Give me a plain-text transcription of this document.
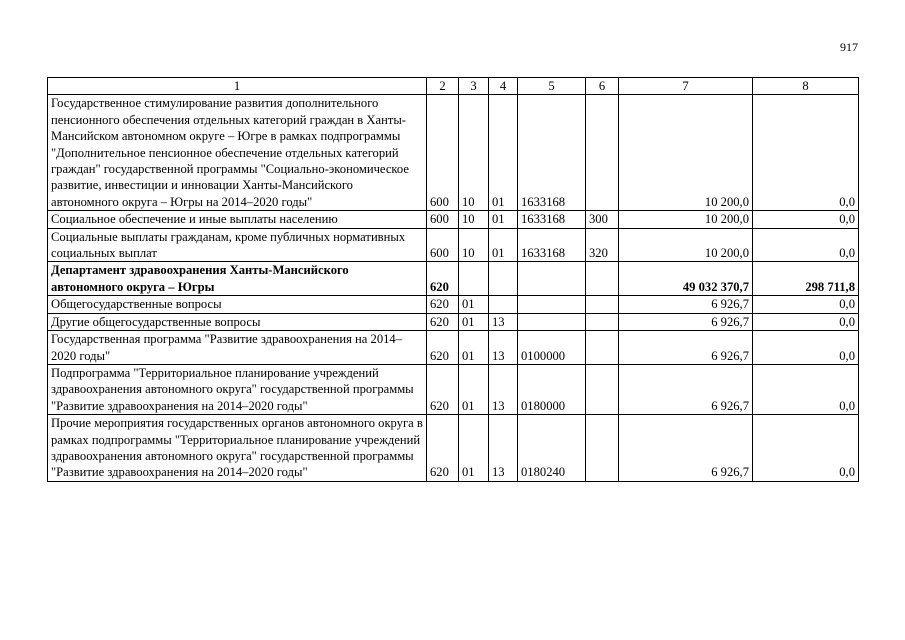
917
1	2	3	4	5	6	7	8
Государственное стимулирование развития дополнительного пенсионного обеспечения отдельных категорий граждан в Ханты-Мансийском автономном округе – Югре в рамках подпрограммы "Дополнительное пенсионное обеспечение отдельных категорий граждан" государственной программы "Социально-экономическое развитие, инвестиции и инновации Ханты-Мансийского автономного округа – Югры на 2014–2020 годы"	600	10	01	1633168		10 200,0	0,0
Социальное обеспечение и иные выплаты населению	600	10	01	1633168	300	10 200,0	0,0
Социальные выплаты гражданам, кроме публичных нормативных социальных выплат	600	10	01	1633168	320	10 200,0	0,0
Департамент здравоохранения Ханты-Мансийского автономного округа – Югры	620					49 032 370,7	298 711,8
Общегосударственные вопросы	620	01				6 926,7	0,0
Другие общегосударственные вопросы	620	01	13			6 926,7	0,0
Государственная программа "Развитие здравоохранения на 2014–2020 годы"	620	01	13	0100000		6 926,7	0,0
Подпрограмма "Территориальное планирование учреждений здравоохранения автономного округа" государственной программы "Развитие здравоохранения на 2014–2020 годы"	620	01	13	0180000		6 926,7	0,0
Прочие мероприятия государственных органов автономного округа в рамках подпрограммы "Территориальное планирование учреждений здравоохранения автономного округа" государственной программы "Развитие здравоохранения на 2014–2020 годы"	620	01	13	0180240		6 926,7	0,0
